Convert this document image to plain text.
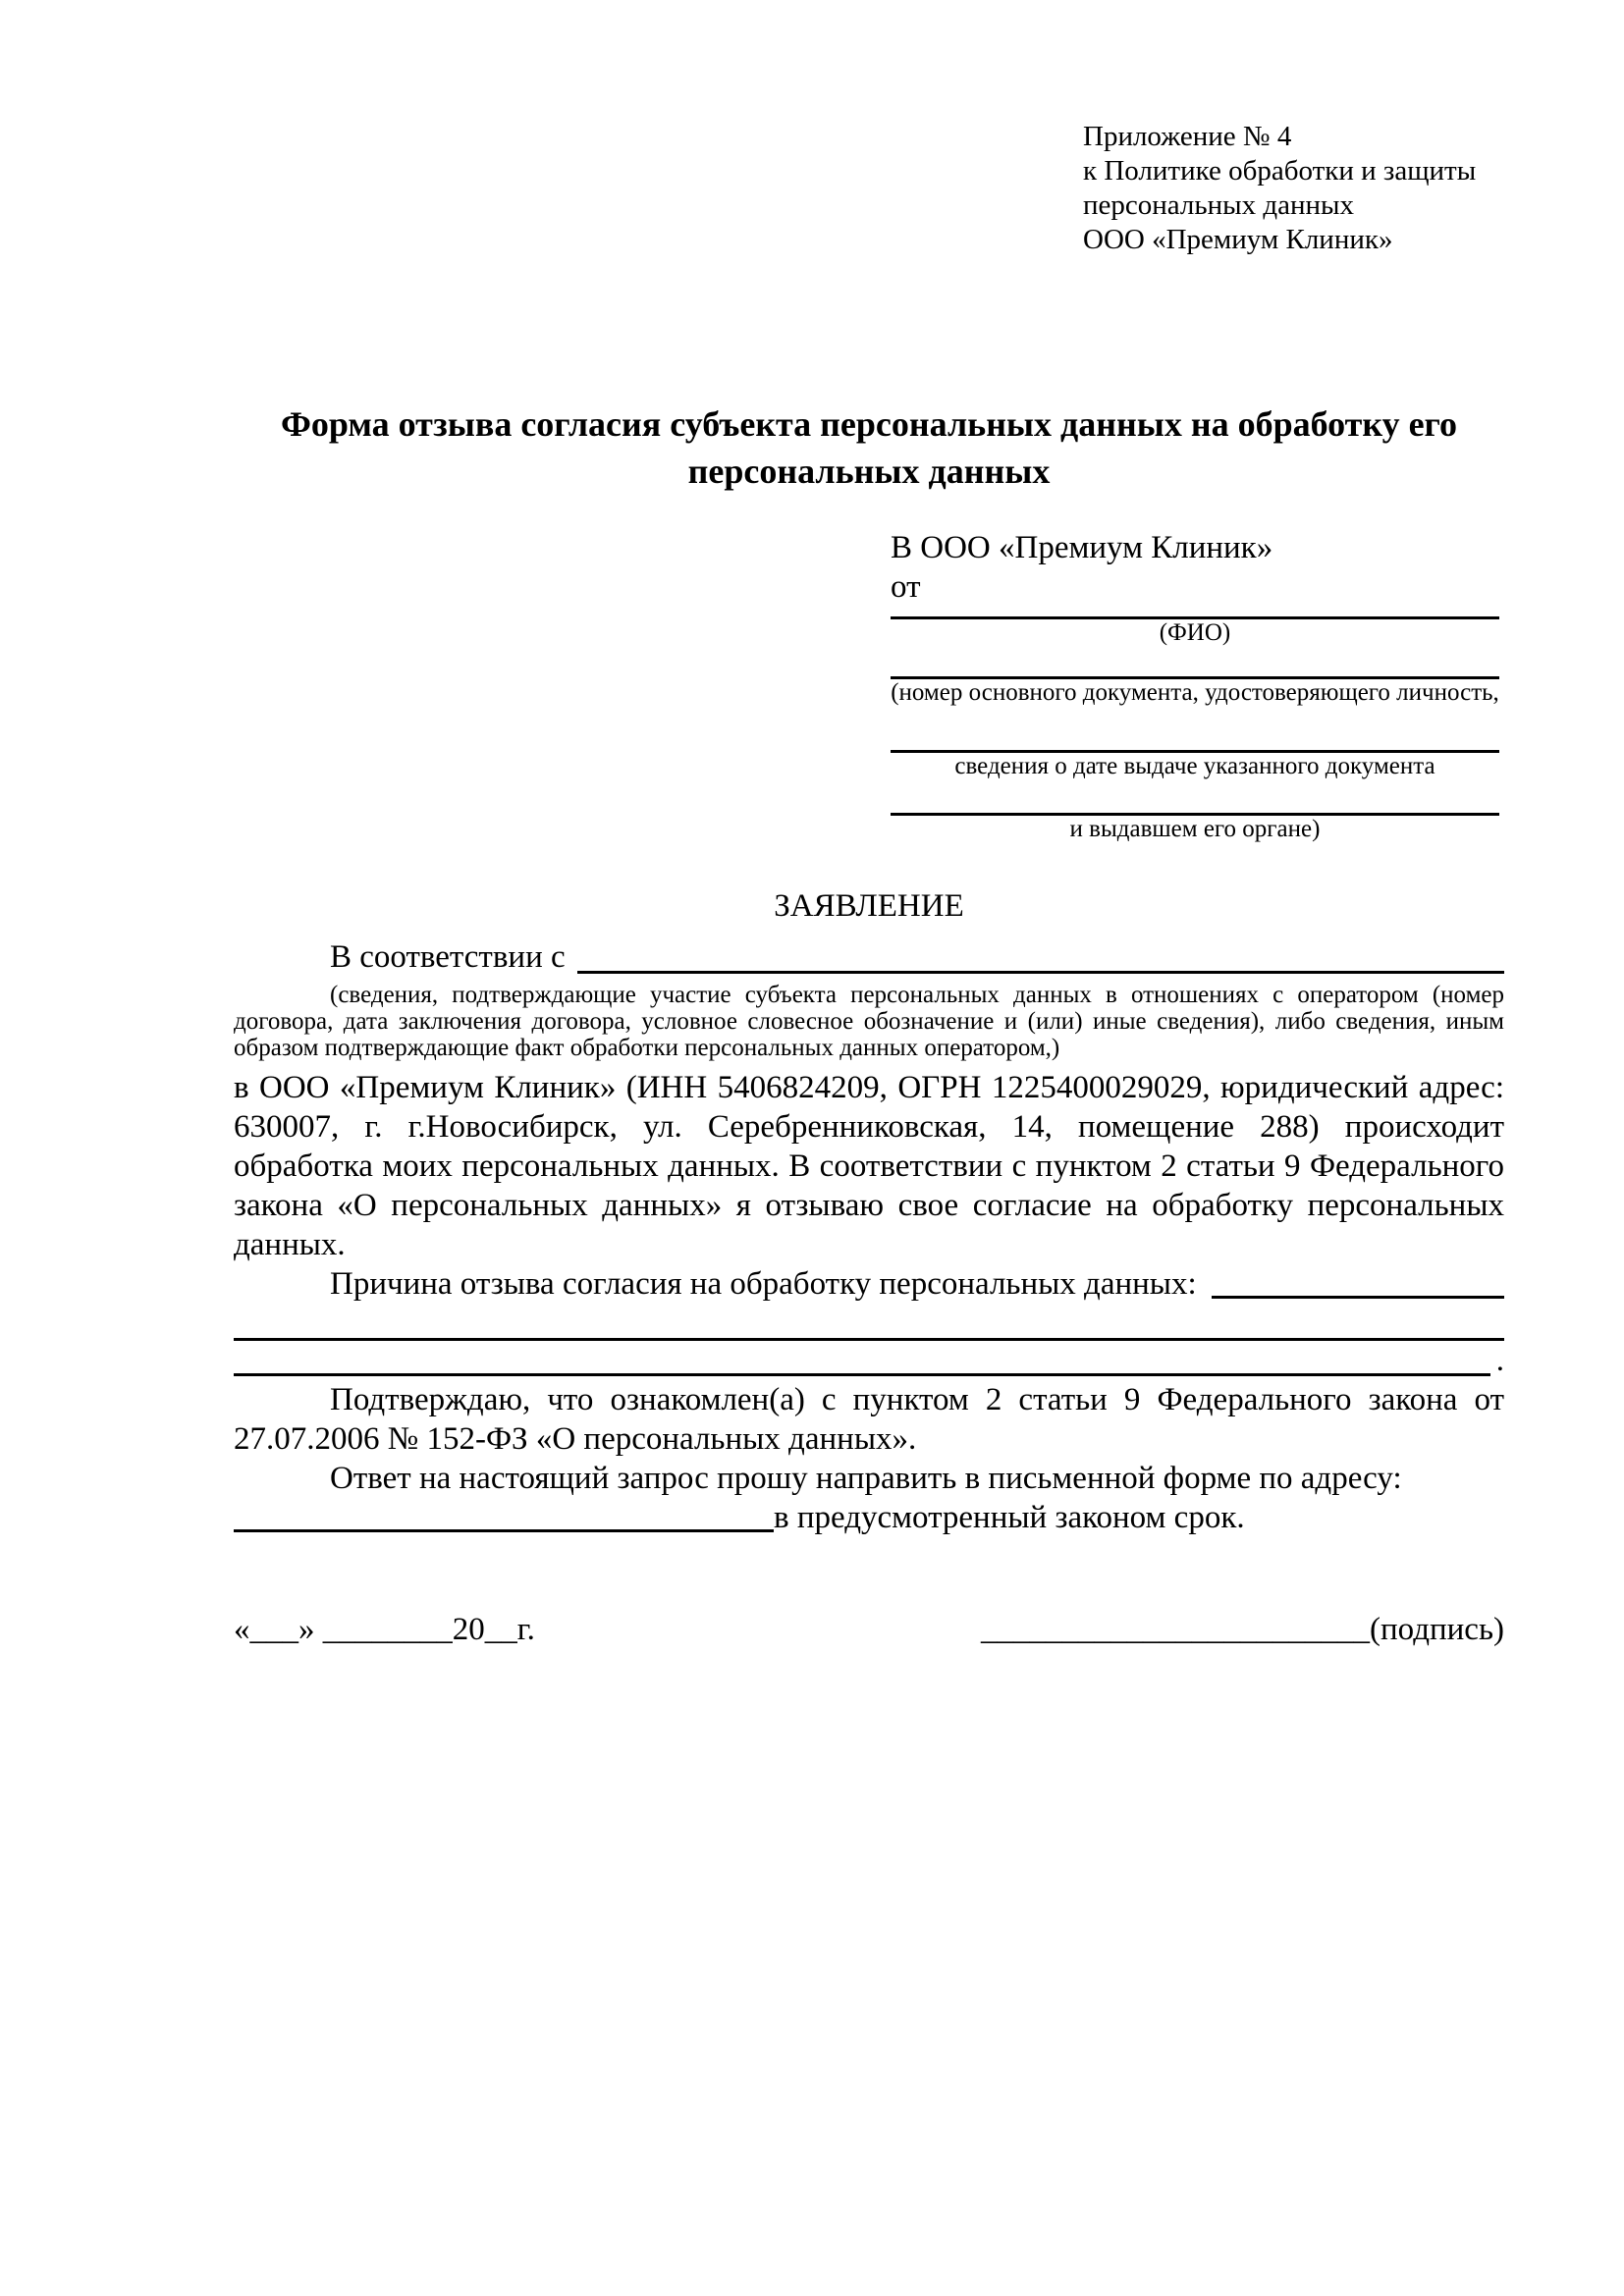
Приложение № 4
к Политике обработки и защиты
персональных данных
ООО «Премиум Клиник»
Форма отзыва согласия субъекта персональных данных на обработку его персональных данных
В ООО «Премиум Клиник»
от
(ФИО)
(номер основного документа, удостоверяющего личность,
сведения о дате выдаче указанного документа
и выдавшем его органе)
ЗАЯВЛЕНИЕ
В соответствии с

(сведения, подтверждающие участие субъекта персональных данных в отношениях с оператором (номер договора, дата заключения договора, условное словесное обозначение и (или) иные сведения), либо сведения, иным образом подтверждающие факт обработки персональных данных оператором,)

в ООО «Премиум Клиник» (ИНН 5406824209, ОГРН 1225400029029, юридический адрес: 630007, г. г.Новосибирск, ул. Серебренниковская, 14, помещение 288) происходит обработка моих персональных данных. В соответствии с пунктом 2 статьи 9 Федерального закона «О персональных данных» я отзываю свое согласие на обработку персональных данных.

Причина отзыва согласия на обработку персональных данных:
.

Подтверждаю, что ознакомлен(а) с пунктом 2 статьи 9 Федерального закона от 27.07.2006 № 152-ФЗ «О персональных данных».

Ответ на настоящий запрос прошу направить в письменной форме по адресу:

в предусмотренный законом срок.
«___» ________20__г.	________________________(подпись)
